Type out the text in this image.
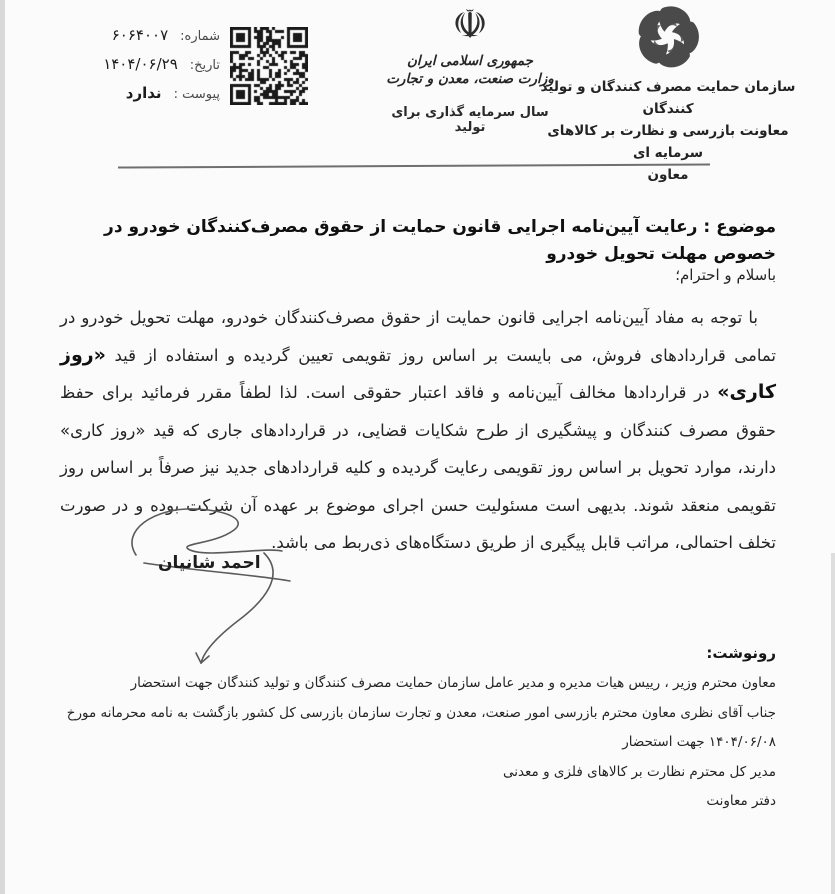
شماره:
۶۰۶۴۰۰۷
تاریخ:
۱۴۰۴/۰۶/۲۹
پیوست :
ندارد
☫
جمهوری اسلامی ایران
وزارت صنعت، معدن و تجارت
سال سرمایه گذاری برای تولید
سازمان حمایت مصرف کنندگان و تولید کنندگان
معاونت بازرسی و نظارت بر کالاهای سرمایه ای
معاون
موضوع : رعایت آیین‌نامه اجرایی قانون حمایت از حقوق مصرف‌کنندگان خودرو در خصوص مهلت تحویل خودرو
باسلام و احترام؛
با توجه به مفاد آیین‌نامه اجرایی قانون حمایت از حقوق مصرف‌کنندگان خودرو، مهلت تحویل خودرو در تمامی قراردادهای فروش، می بایست بر اساس روز تقویمی تعیین گردیده و استفاده از قید «روز کاری» در قراردادها مخالف آیین‌نامه و فاقد اعتبار حقوقی است. لذا لطفاً مقرر فرمائید برای حفظ حقوق مصرف کنندگان و پیشگیری از طرح شکایات قضایی، در قراردادهای جاری که قید «روز کاری» دارند، موارد تحویل بر اساس روز تقویمی رعایت گردیده و کلیه قراردادهای جدید نیز صرفاً بر اساس روز تقویمی منعقد شوند. بدیهی است مسئولیت حسن اجرای موضوع بر عهده آن شرکت بوده و در صورت تخلف احتمالی، مراتب قابل پیگیری از طریق دستگاه‌های ذی‌ربط می باشد.
احمد شانیان
رونوشت:
معاون محترم وزیر ، رییس هیات مدیره و مدیر عامل سازمان حمایت مصرف کنندگان و تولید کنندگان جهت استحضار
جناب آقای نظری معاون محترم بازرسی امور صنعت، معدن و تجارت سازمان بازرسی کل کشور بازگشت به نامه محرمانه مورخ ۱۴۰۴/۰۶/۰۸ جهت استحضار
مدیر کل محترم نظارت بر کالاهای فلزی و معدنی
دفتر معاونت
